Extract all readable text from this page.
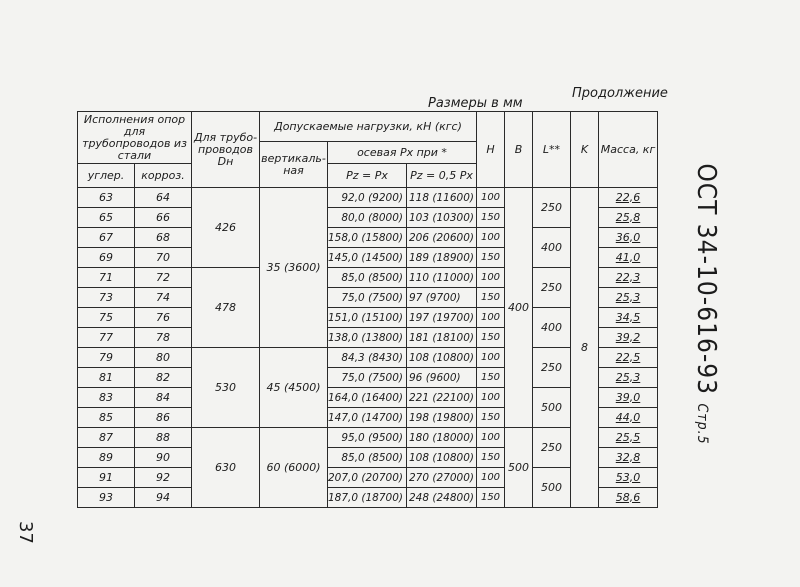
Продолжение
Размеры в мм
ОСТ 34-10-616-93 Стр.5
37
Исполнения опор для трубопроводов из стали		Для трубо-проводов Dн	Допускаемые нагрузки, кН (кгс)			H	B	L**	K	Масса, кг
			вертикаль-ная	осевая Px при *						
углер.	корроз.			Pz = Px	Pz = 0,5 Px					

63	64	426	35 (3600)	92,0 (9200)	118 (11600)	100	400	250	8	22,6
65	66			80,0 (8000)	103 (10300)	150				25,8
67	68			158,0 (15800)	206 (20600)	100		400		36,0
69	70			145,0 (14500)	189 (18900)	150				41,0
71	72	478		85,0 (8500)	110 (11000)	100		250		22,3
73	74			75,0 (7500)	97 (9700)	150				25,3
75	76			151,0 (15100)	197 (19700)	100		400		34,5
77	78			138,0 (13800)	181 (18100)	150				39,2
79	80	530	45 (4500)	84,3 (8430)	108 (10800)	100		250		22,5
81	82			75,0 (7500)	96 (9600)	150				25,3
83	84			164,0 (16400)	221 (22100)	100		500		39,0
85	86			147,0 (14700)	198 (19800)	150				44,0
87	88	630	60 (6000)	95,0 (9500)	180 (18000)	100	500	250		25,5
89	90			85,0 (8500)	108 (10800)	150				32,8
91	92			207,0 (20700)	270 (27000)	100		500		53,0
93	94			187,0 (18700)	248 (24800)	150				58,6
